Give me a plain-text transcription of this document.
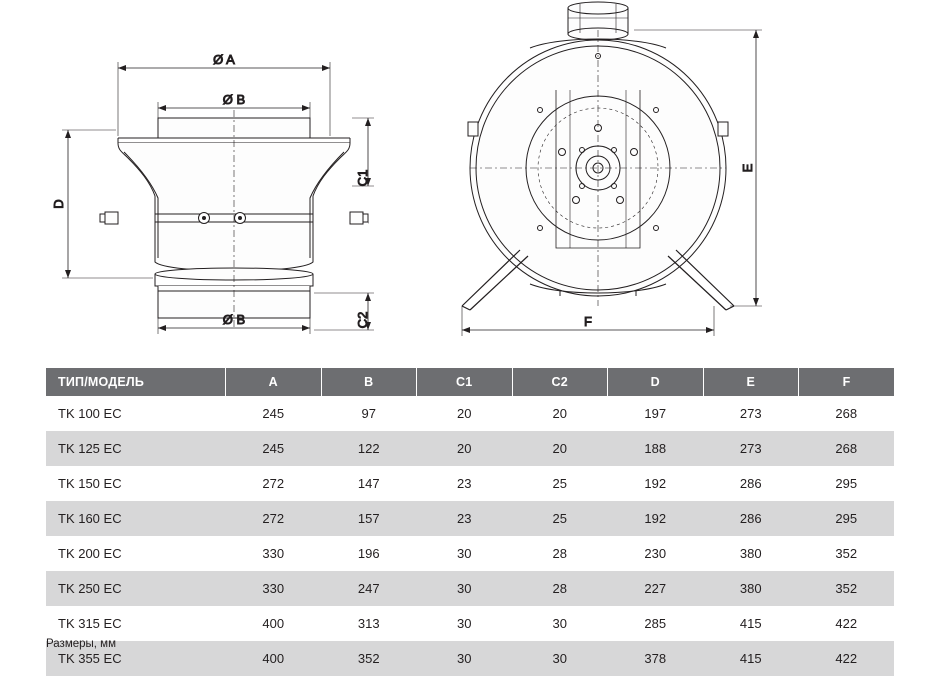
Ø A
Ø B
Ø B
D
C1
C2
E
F
ТИП/МОДЕЛЬ	A	B	C1	C2	D	E	F
TK 100 EC	245	97	20	20	197	273	268
TK 125 EC	245	122	20	20	188	273	268
TK 150 EC	272	147	23	25	192	286	295
TK 160 EC	272	157	23	25	192	286	295
TK 200 EC	330	196	30	28	230	380	352
TK 250 EC	330	247	30	28	227	380	352
TK 315 EC	400	313	30	30	285	415	422
TK 355 EC	400	352	30	30	378	415	422
Размеры, мм
